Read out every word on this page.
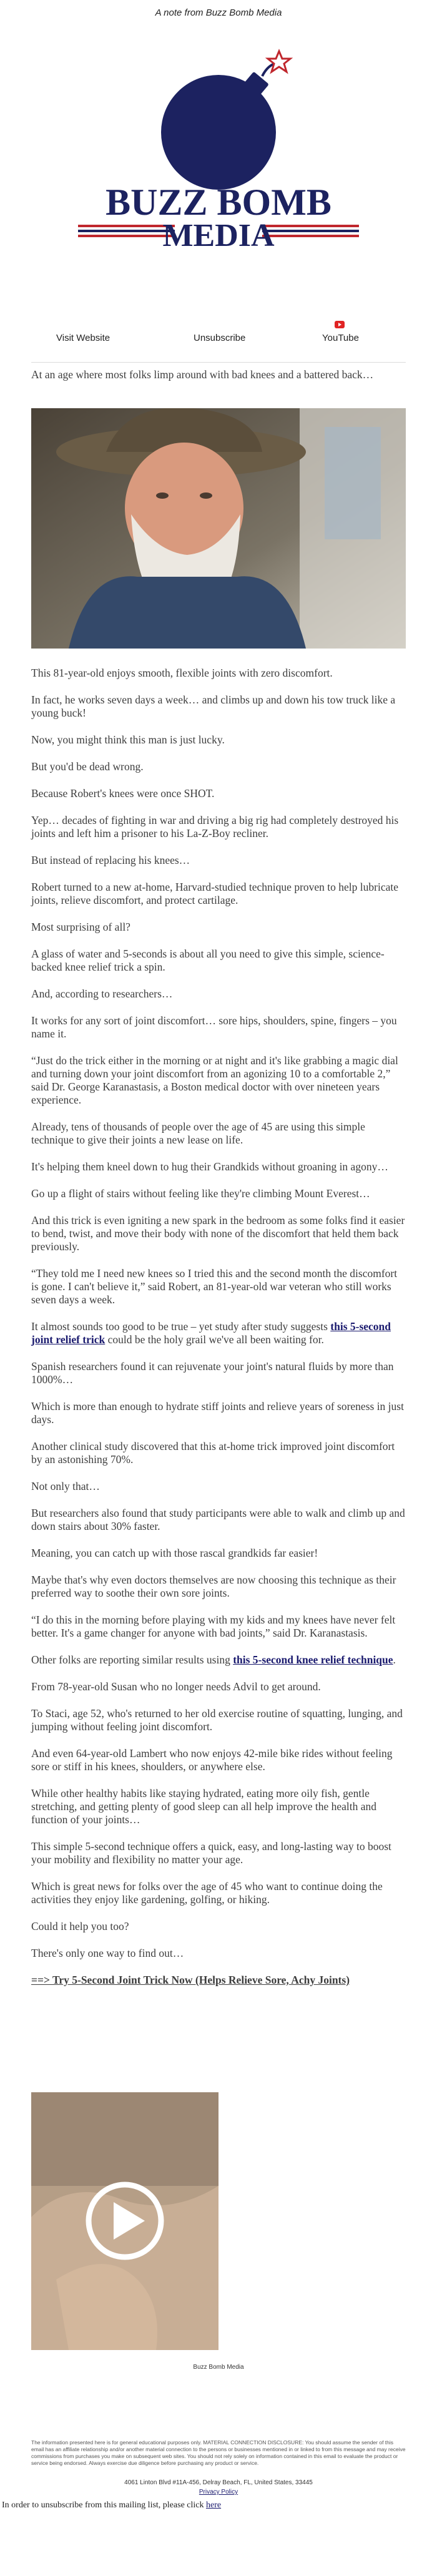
A note from Buzz Bomb Media
BUZZ BOMB
MEDIA
Visit Website	Unsubscribe	YouTube

At an age where most folks limp around with bad knees and a battered back…

This 81-year-old enjoys smooth, flexible joints with zero discomfort.

In fact, he works seven days a week… and climbs up and down his tow truck like a young buck!

Now, you might think this man is just lucky.

But you'd be dead wrong.

Because Robert's knees were once SHOT.

Yep… decades of fighting in war and driving a big rig had completely destroyed his joints and left him a prisoner to his La-Z-Boy recliner.

But instead of replacing his knees…

Robert turned to a new at-home, Harvard-studied technique proven to help lubricate joints, relieve discomfort, and protect cartilage.

Most surprising of all?

A glass of water and 5-seconds is about all you need to give this simple, science-backed knee relief trick a spin.

And, according to researchers…

It works for any sort of joint discomfort… sore hips, shoulders, spine, fingers – you name it.

“Just do the trick either in the morning or at night and it's like grabbing a magic dial and turning down your joint discomfort from an agonizing 10 to a comfortable 2,” said Dr. George Karanastasis, a Boston medical doctor with over nineteen years experience.

Already, tens of thousands of people over the age of 45 are using this simple technique to give their joints a new lease on life.

It's helping them kneel down to hug their Grandkids without groaning in agony…

Go up a flight of stairs without feeling like they're climbing Mount Everest…

And this trick is even igniting a new spark in the bedroom as some folks find it easier to bend, twist, and move their body with none of the discomfort that held them back previously.

“They told me I need new knees so I tried this and the second month the discomfort is gone. I can't believe it,” said Robert, an 81-year-old war veteran who still works seven days a week.

It almost sounds too good to be true – yet study after study suggests this 5-second joint relief trick could be the holy grail we've all been waiting for.

Spanish researchers found it can rejuvenate your joint's natural fluids by more than 1000%…

Which is more than enough to hydrate stiff joints and relieve years of soreness in just days.

Another clinical study discovered that this at-home trick improved joint discomfort by an astonishing 70%.

Not only that…

But researchers also found that study participants were able to walk and climb up and down stairs about 30% faster.

Meaning, you can catch up with those rascal grandkids far easier!

Maybe that's why even doctors themselves are now choosing this technique as their preferred way to soothe their own sore joints.

“I do this in the morning before playing with my kids and my knees have never felt better. It's a game changer for anyone with bad joints,” said Dr. Karanastasis.

Other folks are reporting similar results using this 5-second knee relief technique.

From 78-year-old Susan who no longer needs Advil to get around.

To Staci, age 52, who's returned to her old exercise routine of squatting, lunging, and jumping without feeling joint discomfort.

And even 64-year-old Lambert who now enjoys 42-mile bike rides without feeling sore or stiff in his knees, shoulders, or anywhere else.

While other healthy habits like staying hydrated, eating more oily fish, gentle stretching, and getting plenty of good sleep can all help improve the health and function of your joints…

This simple 5-second technique offers a quick, easy, and long-lasting way to boost your mobility and flexibility no matter your age.

Which is great news for folks over the age of 45 who want to continue doing the activities they enjoy like gardening, golfing, or hiking.

Could it help you too?

There's only one way to find out…

==> Try 5-Second Joint Trick Now (Helps Relieve Sore, Achy Joints)

Buzz Bomb Media
The information presented here is for general educational purposes only. MATERIAL CONNECTION DISCLOSURE: You should assume the sender of this email has an affiliate relationship and/or another material connection to the persons or businesses mentioned in or linked to from this message and may receive commissions from purchases you make on subsequent web sites. You should not rely solely on information contained in this email to evaluate the product or service being endorsed. Always exercise due diligence before purchasing any product or service.
4061 Linton Blvd #11A-456, Delray Beach, FL, United States, 33445
Privacy Policy
In order to unsubscribe from this mailing list, please click here
